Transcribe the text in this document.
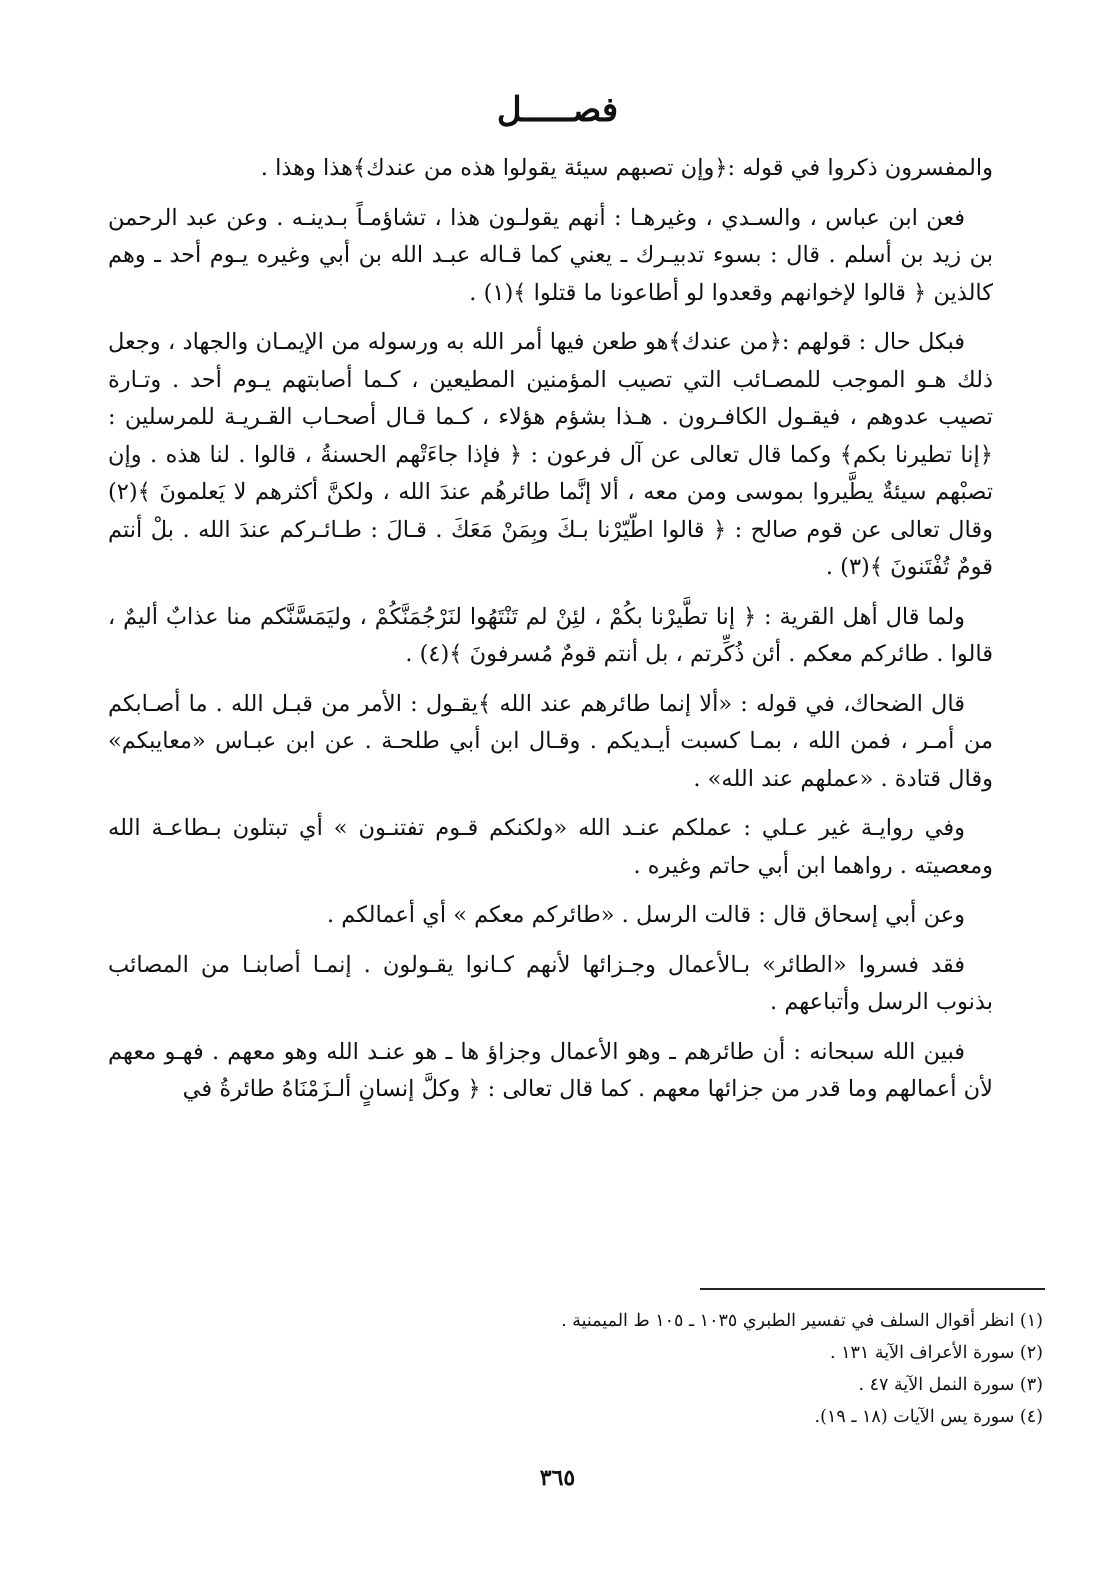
فصـــــل

والمفسرون ذكروا في قوله :﴿وإن تصبهم سيئة يقولوا هذه من عندك﴾هذا وهذا .

فعن ابن عباس ، والسـدي ، وغيرهـا : أنهم يقولـون هذا ، تشاؤمـاً بـدينـه . وعن عبد الرحمن بن زيد بن أسلم . قال : بسوء تدبيـرك ـ يعني كما قـاله عبـد الله بن أبي وغيره يـوم أحد ـ وهم كالذين ﴿ قالوا لإخوانهم وقعدوا لو أطاعونا ما قتلوا ﴾(١) .

فبكل حال : قولهم :﴿من عندك﴾هو طعن فيها أمر الله به ورسوله من الإيمـان والجهاد ، وجعل ذلك هـو الموجب للمصـائب التي تصيب المؤمنين المطيعين ، كـما أصابتهم يـوم أحد . وتـارة تصيب عدوهم ، فيقـول الكافـرون . هـذا بشؤم هؤلاء ، كـما قـال أصحـاب القـريـة للمرسلين :﴿إنا تطيرنا بكم﴾ وكما قال تعالى عن آل فرعون : ﴿ فإذا جاءَتْهم الحسنةُ ، قالوا . لنا هذه . وإن تصبْهم سيئةٌ يطَّيروا بموسى ومن معه ، ألا إنَّما طائرهُم عندَ الله ، ولكنَّ أكثرهم لا يَعلمونَ ﴾(٢) وقال تعالى عن قوم صالح : ﴿ قالوا اطّيّرْنا بـكَ وبِمَنْ مَعَكَ . قـالَ : طـائـركم عندَ الله . بلْ أنتم قومٌ تُفْتَنونَ ﴾(٣) .

ولما قال أهل القرية : ﴿ إنا تطَّيرْنا بكُمْ ، لئِنْ لم تَنْتَهُوا لنَرْجُمَنَّكُمْ ، وليَمَسَّنَّكم منا عذابٌ أليمٌ ، قالوا . طائركم معكم . أئن ذُكِّرتم ، بل أنتم قومٌ مُسرفونَ ﴾(٤) .

قال الضحاك، في قوله : «ألا إنما طائرهم عند الله ﴾يقـول : الأمر من قبـل الله . ما أصـابكم من أمـر ، فمن الله ، بمـا كسبت أيـديكم . وقـال ابن أبي طلحـة . عن ابن عبـاس «معايبكم» وقال قتادة . «عملهم عند الله» .

وفي روايـة غير عـلي : عملكم عنـد الله «ولكنكم قـوم تفتنـون » أي تبتلون بـطاعـة الله ومعصيته . رواهما ابن أبي حاتم وغيره .

وعن أبي إسحاق قال : قالت الرسل . «طائركم معكم » أي أعمالكم .

فقد فسروا «الطائر» بـالأعمال وجـزائها لأنهم كـانوا يقـولون . إنمـا أصابنـا من المصائب بذنوب الرسل وأتباعهم .

فبين الله سبحانه : أن طائرهم ـ وهو الأعمال وجزاؤ ها ـ هو عنـد الله وهو معهم . فهـو معهم لأن أعمالهم وما قدر من جزائها معهم . كما قال تعالى : ﴿ وكلَّ إنسانٍ ألـزَمْنَاهُ طائرةُ في

(١) انظر أقوال السلف في تفسير الطبري ١٠٣٥ ـ ١٠٥ ط الميمنية .

(٢) سورة الأعراف الآية ١٣١ .

(٣) سورة النمل الآية ٤٧ .

(٤) سورة يس الآيات (١٨ ـ ١٩).

٣٦٥
